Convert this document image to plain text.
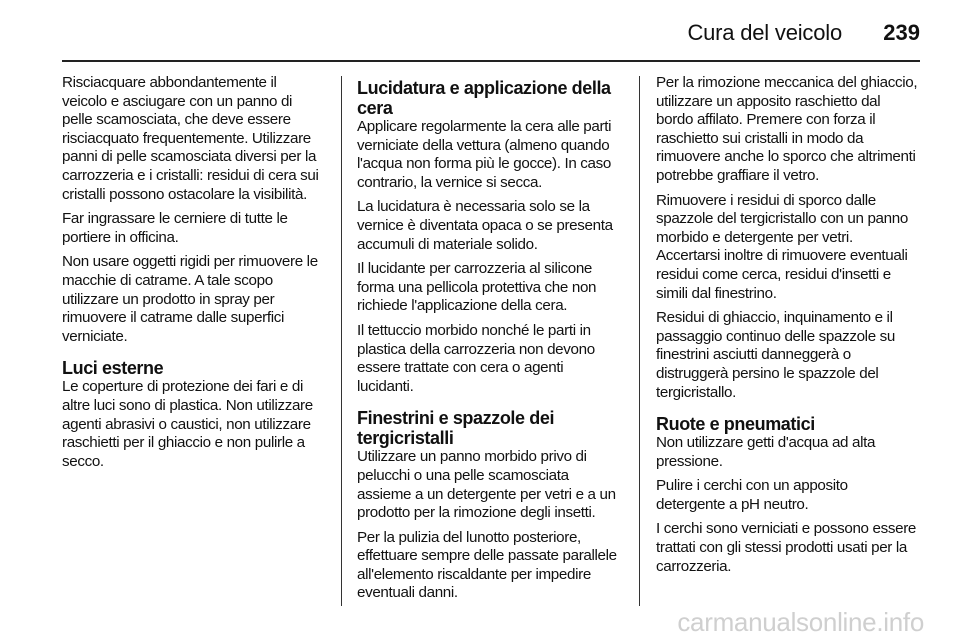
Cura del veicolo 239

Risciacquare abbondantemente il veicolo e asciugare con un panno di pelle scamosciata, che deve essere risciacquato frequentemente. Utilizzare panni di pelle scamosciata diversi per la carrozzeria e i cristalli: residui di cera sui cristalli possono ostacolare la visibilità.

Far ingrassare le cerniere di tutte le portiere in officina.

Non usare oggetti rigidi per rimuovere le macchie di catrame. A tale scopo utilizzare un prodotto in spray per rimuovere il catrame dalle superfici verniciate.

Luci esterne

Le coperture di protezione dei fari e di altre luci sono di plastica. Non utilizzare agenti abrasivi o caustici, non utilizzare raschietti per il ghiaccio e non pulirle a secco.

Lucidatura e applicazione della cera

Applicare regolarmente la cera alle parti verniciate della vettura (almeno quando l'acqua non forma più le gocce). In caso contrario, la vernice si secca.

La lucidatura è necessaria solo se la vernice è diventata opaca o se presenta accumuli di materiale solido.

Il lucidante per carrozzeria al silicone forma una pellicola protettiva che non richiede l'applicazione della cera.

Il tettuccio morbido nonché le parti in plastica della carrozzeria non devono essere trattate con cera o agenti lucidanti.

Finestrini e spazzole dei tergicristalli

Utilizzare un panno morbido privo di pelucchi o una pelle scamosciata assieme a un detergente per vetri e a un prodotto per la rimozione degli insetti.

Per la pulizia del lunotto posteriore, effettuare sempre delle passate parallele all'elemento riscaldante per impedire eventuali danni.

Per la rimozione meccanica del ghiaccio, utilizzare un apposito raschietto dal bordo affilato. Premere con forza il raschietto sui cristalli in modo da rimuovere anche lo sporco che altrimenti potrebbe graffiare il vetro.

Rimuovere i residui di sporco dalle spazzole del tergicristallo con un panno morbido e detergente per vetri. Accertarsi inoltre di rimuovere eventuali residui come cerca, residui d'insetti e simili dal finestrino.

Residui di ghiaccio, inquinamento e il passaggio continuo delle spazzole su finestrini asciutti danneggerà o distruggerà persino le spazzole del tergicristallo.

Ruote e pneumatici

Non utilizzare getti d'acqua ad alta pressione.

Pulire i cerchi con un apposito detergente a pH neutro.

I cerchi sono verniciati e possono essere trattati con gli stessi prodotti usati per la carrozzeria.

carmanualsonline.info
